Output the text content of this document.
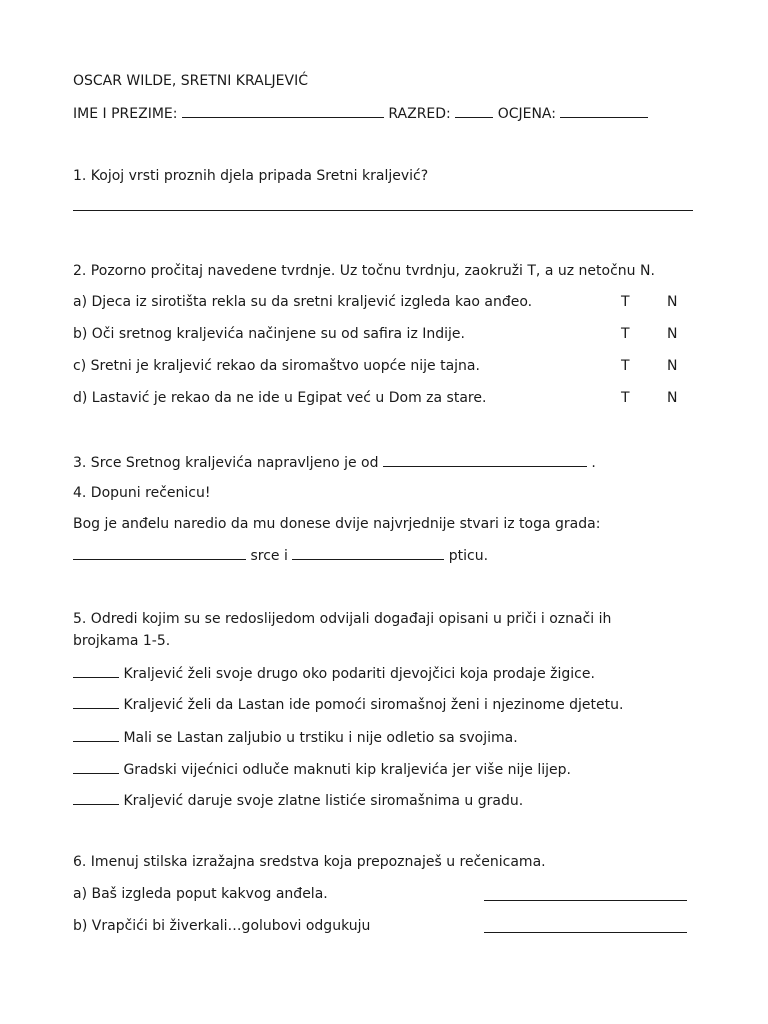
OSCAR WILDE, SRETNI KRALJEVIĆ
IME I PREZIME:	RAZRED:	OCJENA:
1. Kojoj vrsti proznih djela pripada Sretni kraljević?
2. Pozorno pročitaj navedene tvrdnje. Uz točnu tvrdnju, zaokruži T, a uz netočnu N.
a) Djeca iz sirotišta rekla su da sretni kraljević izgleda kao anđeo.	T	N
b) Oči sretnog kraljevića načinjene su od safira iz Indije.	T	N
c) Sretni je kraljević rekao da siromaštvo uopće nije tajna.	T	N
d) Lastavić je rekao da ne ide u Egipat već u Dom za stare.	T	N
3. Srce Sretnog kraljevića napravljeno je od	.
4. Dopuni rečenicu!
Bog je anđelu naredio da mu donese dvije najvrjednije stvari iz toga grada:
srce i	pticu.
5. Odredi kojim su se redoslijedom odvijali događaji opisani u priči i označi ih
brojkama 1-5.
Kraljević želi svoje drugo oko podariti djevojčici koja prodaje žigice.
Kraljević želi da Lastan ide pomoći siromašnoj ženi i njezinome djetetu.
Mali se Lastan zaljubio u trstiku i nije odletio sa svojima.
Gradski vijećnici odluče maknuti kip kraljevića jer više nije lijep.
Kraljević daruje svoje zlatne listiće siromašnima u gradu.
6. Imenuj stilska izražajna sredstva koja prepoznaješ u rečenicama.
a) Baš izgleda poput kakvog anđela.
b) Vrapčići bi živerkali…golubovi odgukuju
